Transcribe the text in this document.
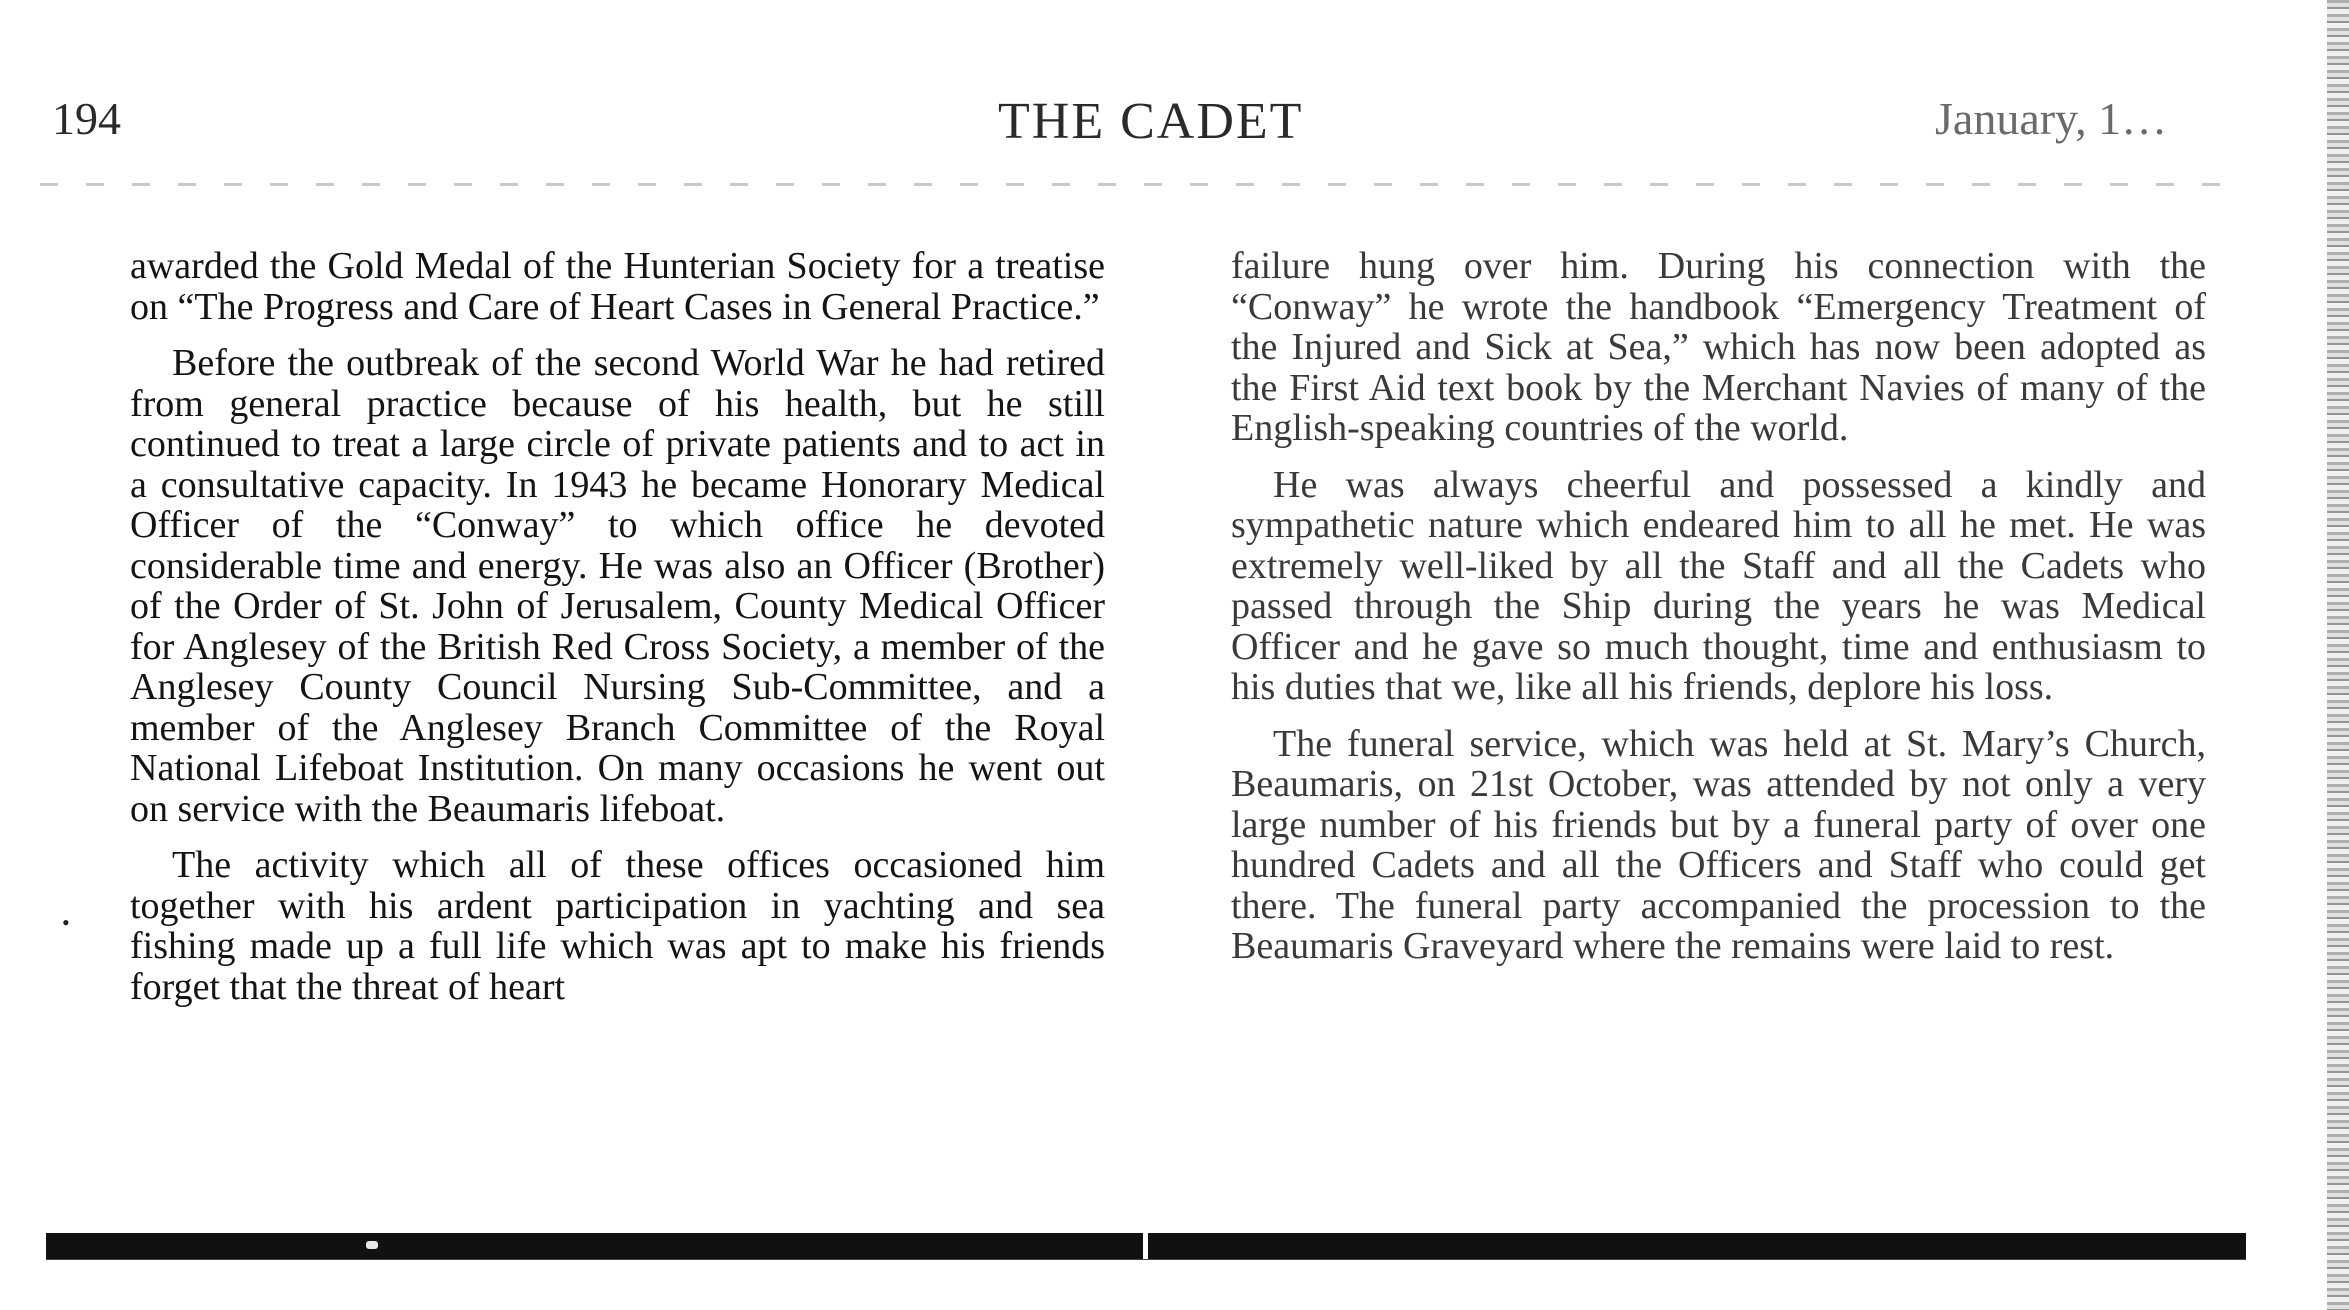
194	THE CADET	January, 1…

awarded the Gold Medal of the Hunterian Society for a treatise on “The Progress and Care of Heart Cases in General Practice.”

Before the outbreak of the second World War he had retired from general practice because of his health, but he still continued to treat a large circle of private patients and to act in a consultative capacity. In 1943 he became Honorary Medical Officer of the “Conway” to which office he devoted considerable time and energy. He was also an Officer (Brother) of the Order of St. John of Jerusalem, County Medical Officer for Anglesey of the British Red Cross Society, a member of the Anglesey County Council Nursing Sub-Committee, and a member of the Anglesey Branch Committee of the Royal National Lifeboat Institution. On many occasions he went out on service with the Beaumaris lifeboat.

The activity which all of these offices occasioned him together with his ardent participation in yachting and sea fishing made up a full life which was apt to make his friends forget that the threat of heart

•

failure hung over him. During his connection with the “Conway” he wrote the handbook “Emergency Treatment of the Injured and Sick at Sea,” which has now been adopted as the First Aid text book by the Merchant Navies of many of the English-speaking countries of the world.

He was always cheerful and possessed a kindly and sympathetic nature which endeared him to all he met. He was extremely well-liked by all the Staff and all the Cadets who passed through the Ship during the years he was Medical Officer and he gave so much thought, time and enthusiasm to his duties that we, like all his friends, deplore his loss.

The funeral service, which was held at St. Mary’s Church, Beaumaris, on 21st October, was attended by not only a very large number of his friends but by a funeral party of over one hundred Cadets and all the Officers and Staff who could get there. The funeral party accompanied the procession to the Beaumaris Graveyard where the remains were laid to rest.
